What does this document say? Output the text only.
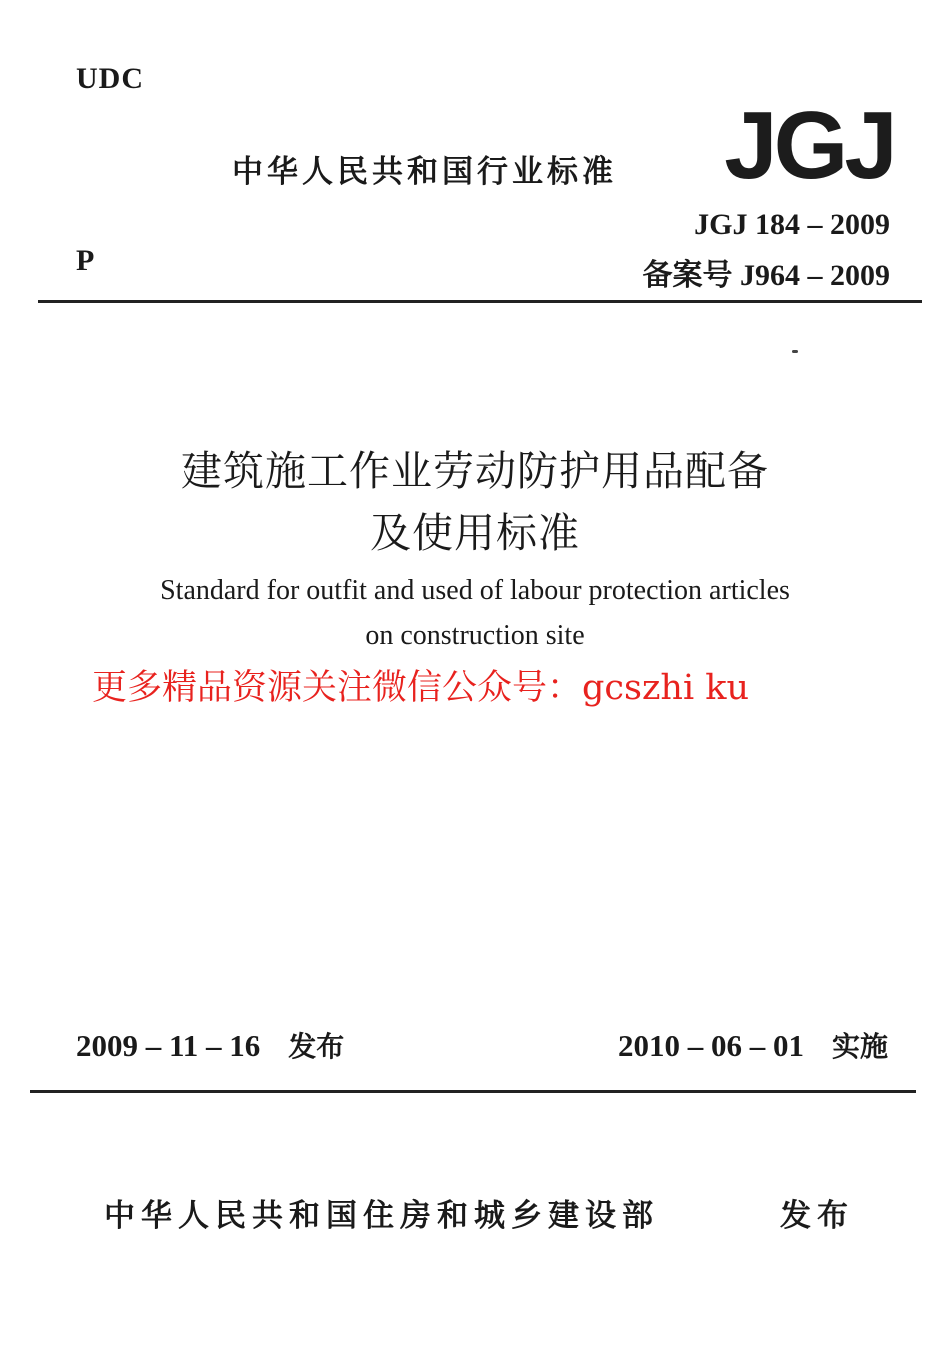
UDC
中华人民共和国行业标准 JGJ
P
JGJ 184 – 2009
备案号 J964 – 2009
建筑施工作业劳动防护用品配备
及使用标准
Standard for outfit and used of labour protection articles
on construction site
更多精品资源关注微信公众号：gcszhi ku
2009 – 11 – 16 发布	2010 – 06 – 01 实施
中华人民共和国住房和城乡建设部	发布
